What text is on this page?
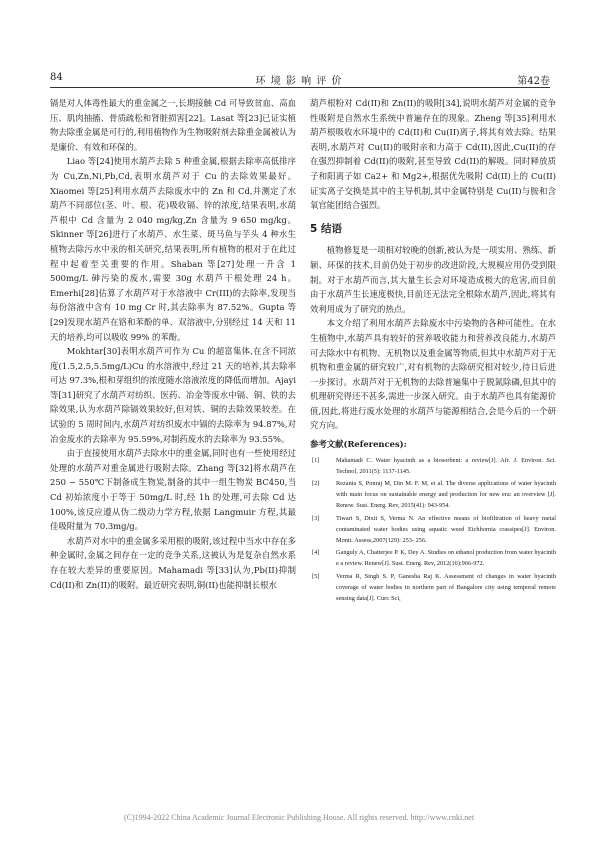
84	环 境 影 响 评 价	第42卷

镉是对人体毒性最大的重金属之一,长期接触 Cd 可导致贫血、高血压、肌肉抽搐、骨质疏松和肾脏损害[22]。Lasat 等[23]已证实植物去除重金属是可行的,利用植物作为生物吸附剂去除重金属被认为是廉价、有效和环保的。

Liao 等[24]使用水葫芦去除 5 种重金属,根据去除率高低排序为 Cu,Zn,Ni,Pb,Cd,表明水葫芦对于 Cu 的去除效果最好。Xiaomei 等[25]利用水葫芦去除废水中的 Zn 和 Cd,并测定了水葫芦不同部位(茎、叶、根、花)吸收镉、锌的浓度,结果表明,水葫芦根中 Cd 含量为 2 040 mg/kg,Zn 含量为 9 650 mg/kg。Skinner 等[26]进行了水葫芦、水生菜、斑马鱼与芋头 4 种水生植物去除污水中汞的相关研究,结果表明,所有植物的根对于在此过程中起着至关重要的作用。Shaban 等[27]处理一升含 1 500mg/L 砷污染的废水,需要 30g 水葫芦干根处理 24 h。Emerhi[28]估算了水葫芦对于水溶液中 Cr(III)的去除率,发现当每份溶液中含有 10 mg Cr 时,其去除率为 87.52%。Gupta 等[29]发现水葫芦在铬和苯酚的单、双溶液中,分别经过 14 天和 11 天的培养,均可以吸收 99% 的苯酚。

Mokhtar[30]表明水葫芦可作为 Cu 的超富集体,在含不同浓度(1.5,2.5,5.5mg/L)Cu 的水溶液中,经过 21 天的培养,其去除率可达 97.3%,根和芽组织的浓度随水溶液浓度的降低而增加。Ajayi 等[31]研究了水葫芦对纺织、医药、冶金等废水中镉、铜、铁的去除效果,认为水葫芦除镉效果较好,但对铁、铜的去除效果较差。在试验的 5 周时间内,水葫芦对纺织废水中镉的去除率为 94.87%,对冶金废水的去除率为 95.59%,对制药废水的去除率为 93.55%。

由于直接使用水葫芦去除水中的重金属,同时也有一些使用经过处理的水葫芦对重金属进行吸附去除。Zhang 等[32]将水葫芦在 250 ~ 550℃下制备成生物炭,制备的其中一组生物炭 BC450,当 Cd 初始浓度小于等于 50mg/L 时,经 1h 的处理,可去除 Cd 达 100%,该反应遵从伪二级动力学方程,依据 Langmuir 方程,其最佳吸附量为 70.3mg/g。

水葫芦对水中的重金属多采用根的吸附,该过程中当水中存在多种金属时,金属之间存在一定的竞争关系,这被认为是复杂自然水系存在较大差异的重要原因。Mahamadi 等[33]认为,Pb(II)抑制 Cd(II)和 Zn(II)的吸附。最近研究表明,铜(II)也能抑制长根水

葫芦根粉对 Cd(II)和 Zn(II)的吸附[34],说明水葫芦对金属的竞争性吸附是自然水生系统中普遍存在的现象。Zheng 等[35]利用水葫芦根吸收水环境中的 Cd(II)和 Cu(II)离子,将其有效去除。结果表明,水葫芦对 Cu(II)的吸附亲和力高于 Cd(II),因此,Cu(II)的存在强烈抑制着 Cd(II)的吸附,甚至导致 Cd(II)的解吸。同时释放质子和阳离子如 Ca2+ 和 Mg2+,根据优先吸附 Cd(II)上的 Cu(II)证实离子交换是其中的主导机制,其中金属特别是 Cu(II)与胺和含氧官能团结合强烈。

5 结语

植物修复是一项相对较晚的创新,被认为是一项实用、熟练、新颖、环保的技术,目前仍处于初步的改进阶段,大规模应用仍受到限制。对于水葫芦而言,其大量生长会对环境造成极大的危害,而目前由于水葫芦生长速度极快,目前还无法完全根除水葫芦,因此,将其有效利用成为了研究的热点。

本文介绍了利用水葫芦去除废水中污染物的各种可能性。在水生植物中,水葫芦具有较好的营养吸收能力和营养改良能力,水葫芦可去除水中有机物、无机物以及重金属等物质,但其中水葫芦对于无机物和重金属的研究较广,对有机物的去除研究相对较少,待日后进一步探讨。水葫芦对于无机物的去除普遍集中于脱氮除磷,但其中的机理研究得还不甚多,需进一步深入研究。由于水葫芦也具有能源价值,因此,将进行废水处理的水葫芦与能源相结合,会是今后的一个研究方向。

参考文献(References):
[1]	Mahamadi C. Water hyacinth as a biosorbent: a review[J]. Afr. J. Environ. Sci. Technol, 2011(5): 1137-1145.
[2]	Rezania S, Ponraj M, Din M. F. M, et al. The diverse applications of water hyacinth with main focus on sustainable energy and production for new era: an overview [J]. Renew. Sust. Energ. Rev, 2015(41): 943-954.
[3]	Tiwari S, Dixit S, Verma N. An effective means of biofiltration of heavy metal contaminated water bodies using aquatic weed Eichhornia crassipes[J]. Environ. Monit. Assess,2007(129): 253- 256.
[4]	Ganguly A, Chatterjee P. K, Dey A. Studies on ethanol production from water hyacinth e a review. Renew[J]. Sust. Energ. Rev, 2012(16):966-972.
[5]	Verma R, Singh S. P, Ganesha Raj K. Assessment of changes in water hyacinth coverage of water bodies in northern part of Bangalore city using temporal remote sensing data[J]. Curr. Sci,
(C)1994-2022 China Academic Journal Electronic Publishing House. All rights reserved. http://www.cnki.net
